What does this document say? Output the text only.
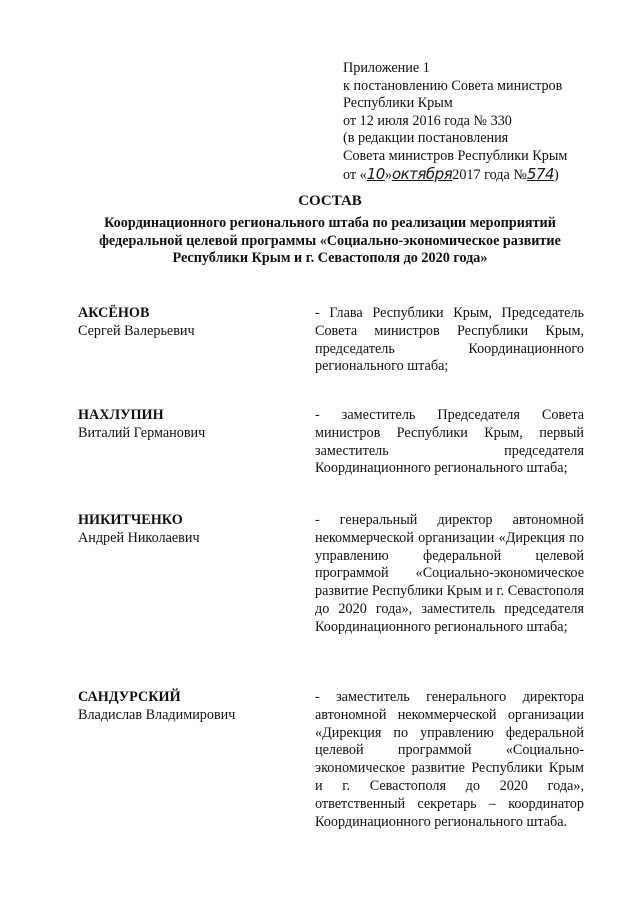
Приложение 1
к постановлению Совета министров
Республики Крым
от 12 июля 2016 года № 330
(в редакции постановления
Совета министров Республики Крым
от «10»октября2017 года №574)
СОСТАВ
Координационного регионального штаба по реализации мероприятий
федеральной целевой программы «Социально-экономическое развитие
Республики Крым и г. Севастополя до 2020 года»
АКСЁНОВ
Сергей Валерьевич
- Глава Республики Крым, Председатель Совета министров Республики Крым, председатель Координационного регионального штаба;
НАХЛУПИН
Виталий Германович
- заместитель Председателя Совета министров Республики Крым, первый заместитель председателя Координационного регионального штаба;
НИКИТЧЕНКО
Андрей Николаевич
- генеральный директор автономной некоммерческой организации «Дирекция по управлению федеральной целевой программой «Социально-экономическое развитие Республики Крым и г. Севастополя до 2020 года», заместитель председателя Координационного регионального штаба;
САНДУРСКИЙ
Владислав Владимирович
- заместитель генерального директора автономной некоммерческой организации «Дирекция по управлению федеральной целевой программой «Социально-экономическое развитие Республики Крым и г. Севастополя до 2020 года», ответственный секретарь – координатор Координационного регионального штаба.
